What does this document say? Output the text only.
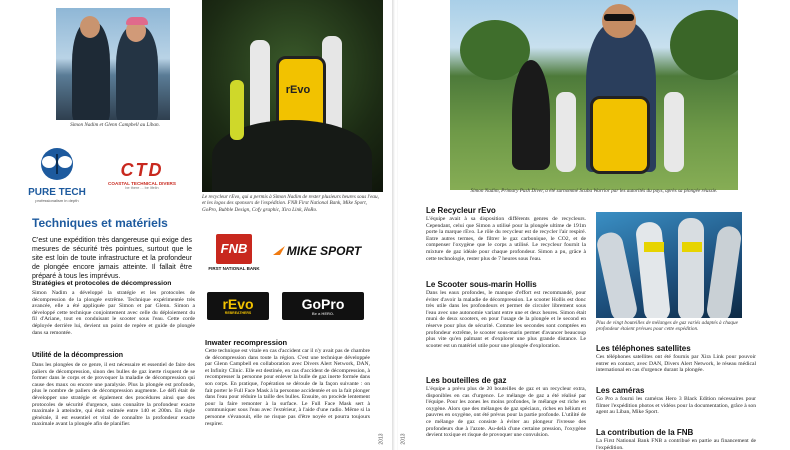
Simon Nadim et Glenn Campbell au Liban.
rEvo
Le recycleur rEvo, qui a permis à Simon Nadim de rester plusieurs heures sous l'eau, et les logos des sponsors de l'expédition. FNB First National Bank, Mike Sport, GoPro, Bubble Design, Cofy graphic, Xira Link, HoRo.
PURE TECH
professionalism in depth
CTD
COASTAL TECHNICAL DIVERS
be there ... be lifelin
Techniques et matériels
C'est une expédition très dangereuse qui exige des mesures de sécurité très pointues, surtout que le site est loin de toute infrastructure et la profondeur de plongée encore jamais atteinte. Il fallait être préparé à tous les imprévus.
Stratégies et protocoles de décompression
Simon Nadim a développé la stratégie et les protocoles de décompression de la plongée extrême. Technique expérimentée très avancée, elle a été appliquée par Simon et par Glenn. Simon a développé cette technique conjointement avec celle du déploiement du fil d'Ariane, tout en conduisant le scooter sous l'eau. Cette corde déployée derrière lui, devient un point de repère et guide de plongée dans sa remontée.
Utilité de la décompression
Dans les plongées de ce genre, il est nécessaire et essentiel de faire des paliers de décompression, sinon des bulles de gaz inerte risquent de se former dans le corps et de provoquer la maladie de décompression qui cause des maux ou encore une paralysie. Plus la plongée est profonde, plus le nombre de paliers de décompression augmente. Le défi était de développer une stratégie et également des procédures ainsi que des protocoles de sécurité d'urgence, sans connaître la profondeur exacte maximale à atteindre, qui était estimée entre 140 et 200m. En règle générale, il est essentiel et vital de connaître la profondeur exacte maximale avant la plongée afin de planifier.
FNB
FIRST NATIONAL BANK
MIKE SPORT
rEvo
REBREATHERS
GoPro
Be a HERO.
Inwater recompression
Cette technique est vitale en cas d'accident car il n'y avait pas de chambre de décompression dans toute la région. C'est une technique développée par Glenn Campbell en collaboration avec Divers Alert Network, DAN, et Infinity Clinic. Elle est destinée, en cas d'accident de décompression, à recompresser la personne pour enlever la bulle de gaz inerte formée dans son corps. En pratique, l'opération se déroule de la façon suivante : on fait porter le Full Face Mask à la personne accidentée et on la fait plonger dans l'eau pour réduire la taille des bulles. Ensuite, on procède lentement pour la faire remonter à la surface. Le Full Face Mask sert à communiquer sous l'eau avec l'extérieur, à l'aide d'une radio. Même si la personne s'évanouit, elle ne risque pas d'être noyée et pourra toujours respirer.
2013
Simon Nadim, Primary Push Diver, a été surnommé Scuba Warrior par les autorités du pays, après sa plongée réussie.
Le Recycleur rEvo
L'équipe avait à sa disposition différents genres de recycleurs. Cependant, celui que Simon a utilisé pour la plongée ultime de 191m porte la marque rEvo. Le rôle du recycleur est de recycler l'air respiré. Entre autres termes, de filtrer le gaz carbonique, le CO2, et de compenser l'oxygène que le corps a utilisé. Le recycleur fournit la mixture de gaz idéale pour chaque profondeur. Simon a pu, grâce à cette technologie, rester plus de 7 heures sous l'eau.
Le Scooter sous-marin Hollis
Dans les eaux profondes, le manque d'effort est recommandé, pour éviter d'avoir la maladie de décompression. Le scooter Hollis est donc très utile dans les profondeurs et permet de circuler librement sous l'eau avec une autonomie variant entre une et deux heures. Simon était muni de deux scooters, en pour l'usage de la plongée et le second en réserve pour plus de sécurité. Comme les secondes sont comptées en profondeur extrême, le scooter sous-marin permet d'avancer beaucoup plus vite qu'en palmant et d'explorer une plus grande distance. Le scooter est un matériel utile pour une plongée d'exploration.
Les bouteilles de gaz
L'équipe a prévu plus de 20 bouteilles de gaz et un recycleur extra, disponibles en cas d'urgence. Le mélange de gaz a été réalisé par l'équipe. Pour les zones les moins profondes, le mélange est riche en oxygène. Alors que des mélanges de gaz spéciaux, riches en hélium et pauvres en oxygène, ont été prévus pour la partie profonde. L'utilité de ce mélange de gaz consiste à éviter au plongeur l'ivresse des profondeurs due à l'azote. Au-delà d'une certaine pression, l'oxygène devient toxique et risque de provoquer une convulsion.
Plus de vingt bouteilles de mélanges de gaz variés adaptés à chaque profondeur étaient prévues pour cette expédition.
Les téléphones satellites
Ces téléphones satellites ont été fournis par Xira Link pour pouvoir entrer en contact, avec DAN, Divers Alert Network, le réseau médical international en cas d'urgence durant la plongée.
Les caméras
Go Pro a fourni les caméras Hero 3 Black Edition nécessaires pour filmer l'expédition photos et vidéos pour la documentation, grâce à son agent au Liban, Mike Sport.
La contribution de la FNB
La First National Bank FNB a contribué en partie au financement de l'expédition.
2013
